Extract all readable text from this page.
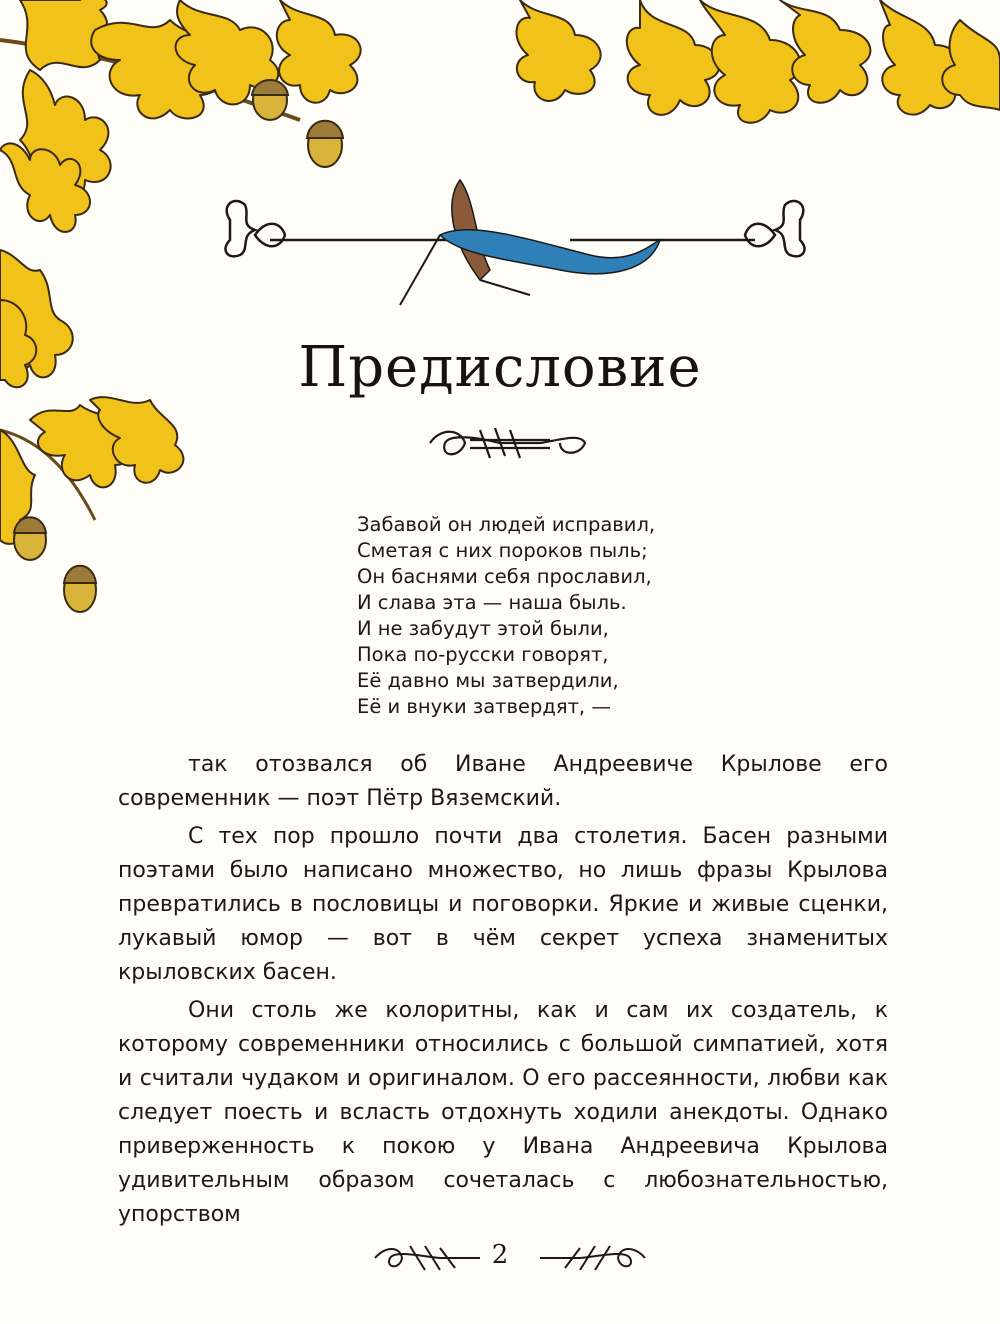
Предисловие
Забавой он людей исправил,
Сметая с них пороков пыль;
Он баснями себя прославил,
И слава эта — наша быль.
И не забудут этой были,
Пока по-русски говорят,
Её давно мы затвердили,
Её и внуки затвердят, —

так отозвался об Иване Андреевиче Крылове его современник — поэт Пётр Вяземский.

С тех пор прошло почти два столетия. Басен разными поэтами было написано множество, но лишь фразы Крылова превратились в пословицы и поговорки. Яркие и живые сценки, лукавый юмор — вот в чём секрет успеха знаменитых крыловских басен.

Они столь же колоритны, как и сам их создатель, к которому современники относились с большой симпатией, хотя и считали чудаком и оригиналом. О его рассеянности, любви как следует поесть и всласть отдохнуть ходили анекдоты. Однако приверженность к покою у Ивана Андреевича Крылова удивительным образом сочеталась с любознательностью, упорством

2
